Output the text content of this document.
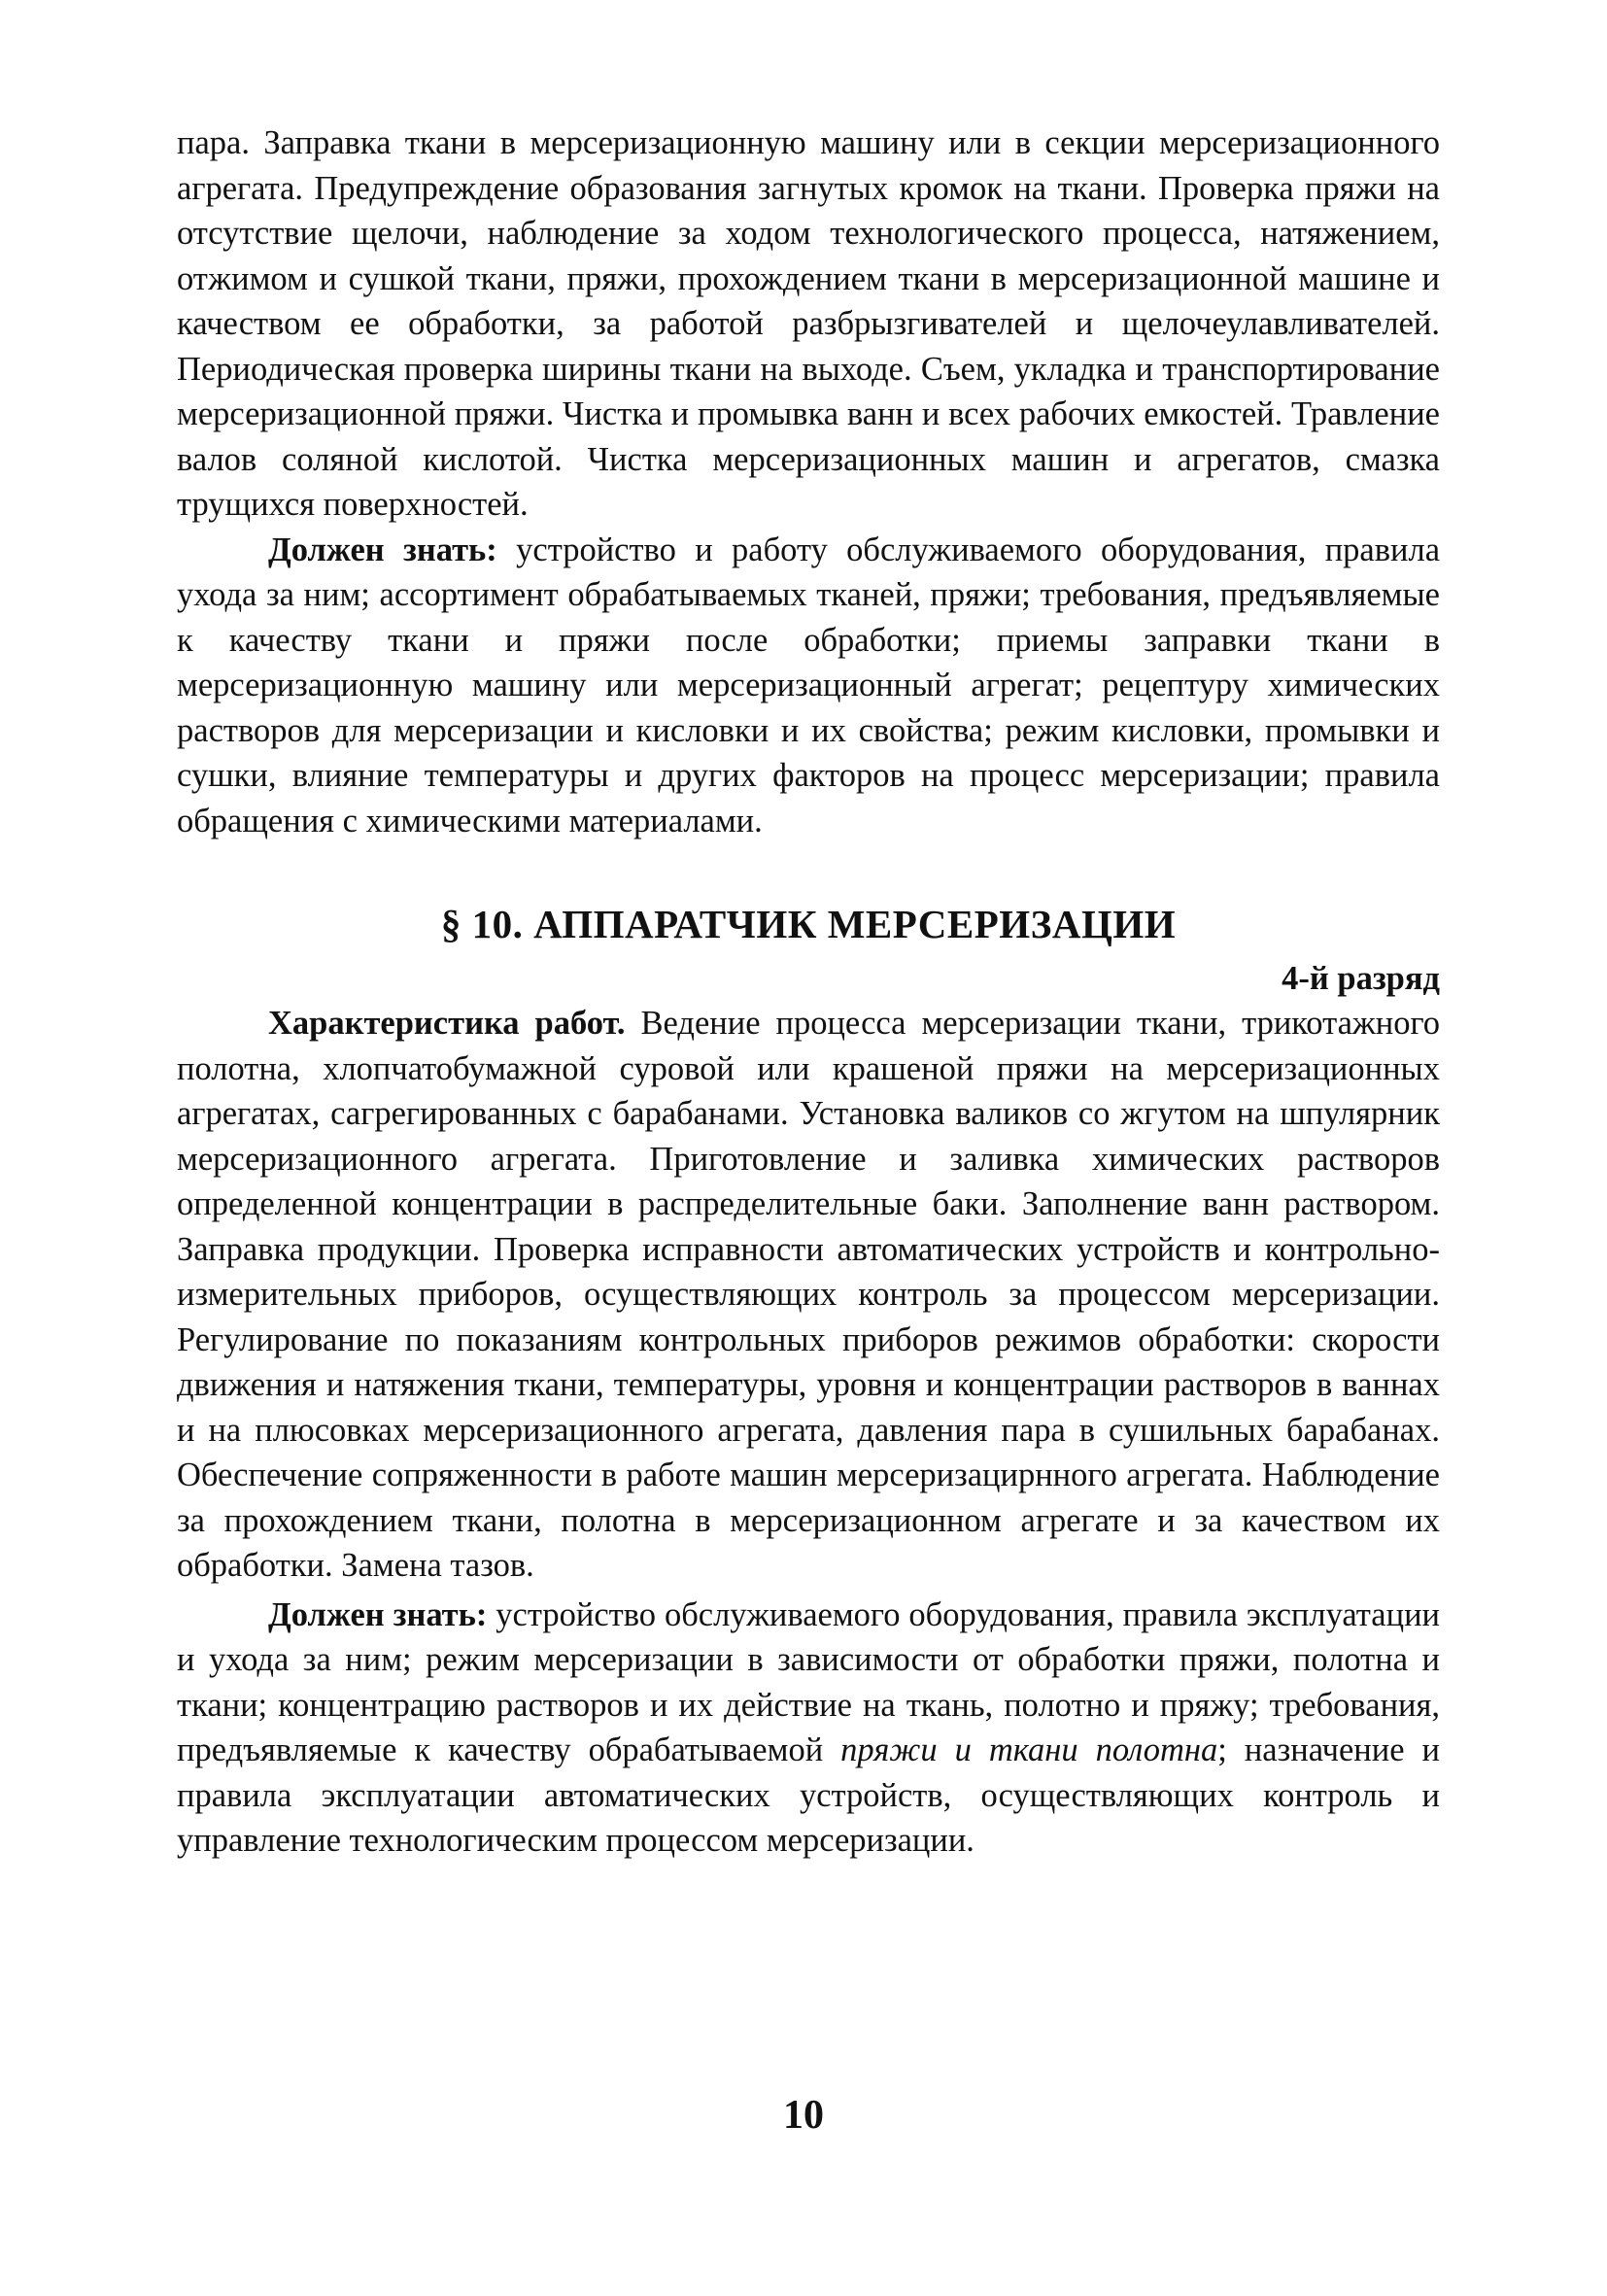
пара. Заправка ткани в мерсеризационную машину или в секции мерсеризационного агрегата. Предупреждение образования загнутых кромок на ткани. Проверка пряжи на отсутствие щелочи, наблюдение за ходом технологического процесса, натяжением, отжимом и сушкой ткани, пряжи, прохождением ткани в мерсеризационной машине и качеством ее обработки, за работой разбрызгивателей и щелочеулавливателей. Периодическая проверка ширины ткани на выходе. Съем, укладка и транспортирование мерсеризационной пряжи. Чистка и промывка ванн и всех рабочих емкостей. Травление валов соляной кислотой. Чистка мерсеризационных машин и агрегатов, смазка трущихся поверхностей.

Должен знать: устройство и работу обслуживаемого оборудования, правила ухода за ним; ассортимент обрабатываемых тканей, пряжи; требования, предъявляемые к качеству ткани и пряжи после обработки; приемы заправки ткани в мерсеризационную машину или мерсеризационный агрегат; рецептуру химических растворов для мерсеризации и кисловки и их свойства; режим кисловки, промывки и сушки, влияние температуры и других факторов на процесс мерсеризации; правила обращения с химическими материалами.

§ 10. АППАРАТЧИК МЕРСЕРИЗАЦИИ
4-й разряд

Характеристика работ. Ведение процесса мерсеризации ткани, трикотажного полотна, хлопчатобумажной суровой или крашеной пряжи на мерсеризационных агрегатах, сагрегированных с барабанами. Установка валиков со жгутом на шпулярник мерсеризационного агрегата. Приготовление и заливка химических растворов определенной концентрации в распределительные баки. Заполнение ванн раствором. Заправка продукции. Проверка исправности автоматических устройств и контрольно-измерительных приборов, осуществляющих контроль за процессом мерсеризации. Регулирование по показаниям контрольных приборов режимов обработки: скорости движения и натяжения ткани, температуры, уровня и концентрации растворов в ваннах и на плюсовках мерсеризационного агрегата, давления пара в сушильных барабанах. Обеспечение сопряженности в работе машин мерсеризацирнного агрегата. Наблюдение за прохождением ткани, полотна в мерсеризационном агрегате и за качеством их обработки. Замена тазов.

Должен знать: устройство обслуживаемого оборудования, правила эксплуатации и ухода за ним; режим мерсеризации в зависимости от обработки пряжи, полотна и ткани; концентрацию растворов и их действие на ткань, полотно и пряжу; требования, предъявляемые к качеству обрабатываемой пряжи и ткани полотна; назначение и правила эксплуатации автоматических устройств, осуществляющих контроль и управление технологическим процессом мерсеризации.

10
